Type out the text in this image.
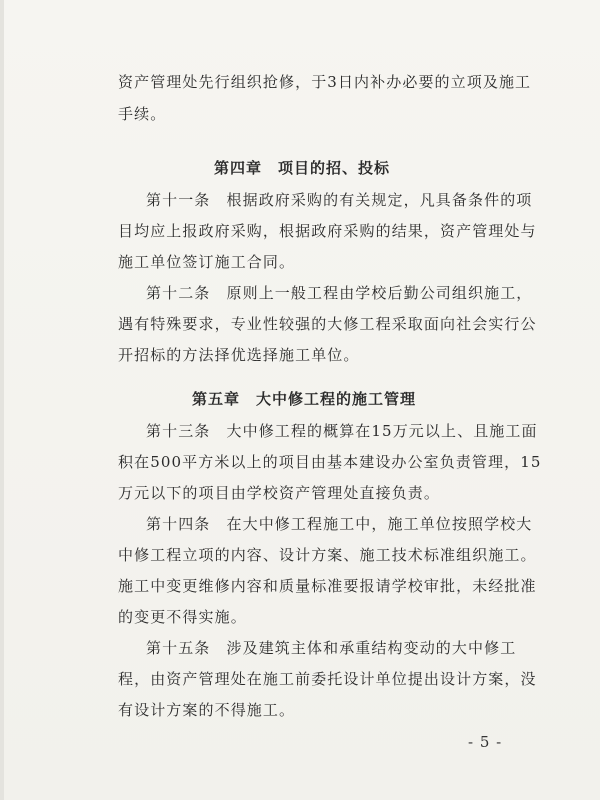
资产管理处先行组织抢修，于3日内补办必要的立项及施工
手续。
第四章　项目的招、投标
第十一条　根据政府采购的有关规定，凡具备条件的项
目均应上报政府采购，根据政府采购的结果，资产管理处与
施工单位签订施工合同。
第十二条　原则上一般工程由学校后勤公司组织施工，
遇有特殊要求，专业性较强的大修工程采取面向社会实行公
开招标的方法择优选择施工单位。
第五章　大中修工程的施工管理
第十三条　大中修工程的概算在15万元以上、且施工面
积在500平方米以上的项目由基本建设办公室负责管理，15
万元以下的项目由学校资产管理处直接负责。
第十四条　在大中修工程施工中，施工单位按照学校大
中修工程立项的内容、设计方案、施工技术标准组织施工。
施工中变更维修内容和质量标准要报请学校审批，未经批准
的变更不得实施。
第十五条　涉及建筑主体和承重结构变动的大中修工
程，由资产管理处在施工前委托设计单位提出设计方案，没
有设计方案的不得施工。
- 5 -
